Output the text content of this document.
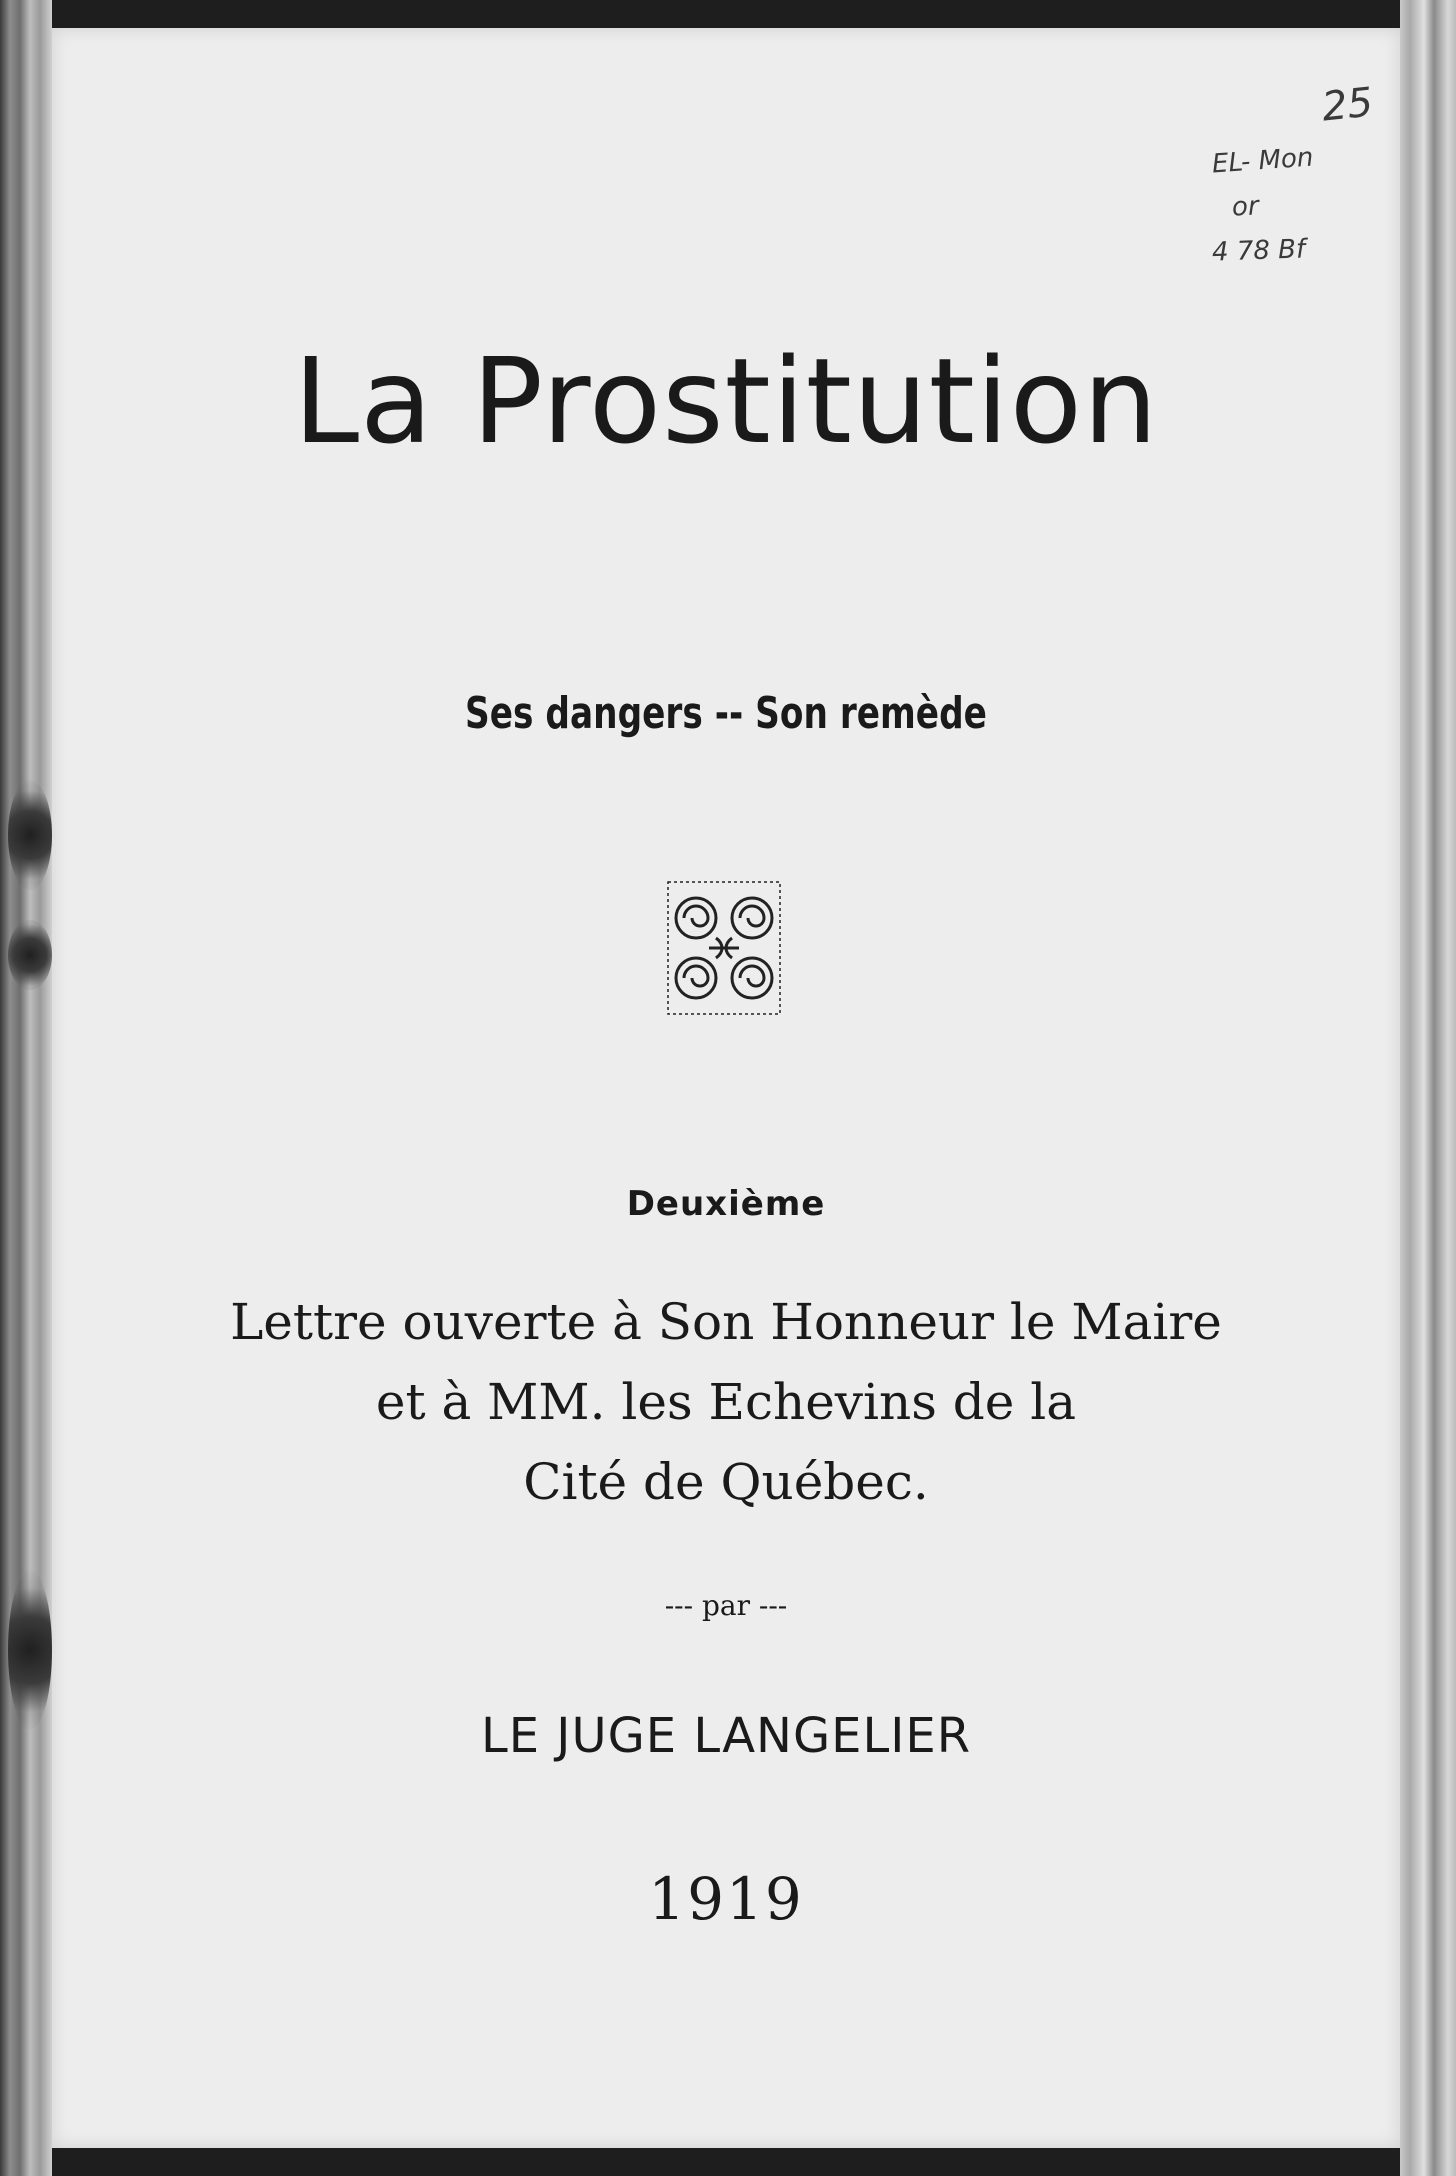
25

EL- Mon

or

4 78 Bf

La Prostitution

Ses dangers -- Son remède

Deuxième

Lettre ouverte à Son Honneur le Maire

et à MM. les Echevins de la

Cité de Québec.

--- par ---

LE JUGE LANGELIER

1919
